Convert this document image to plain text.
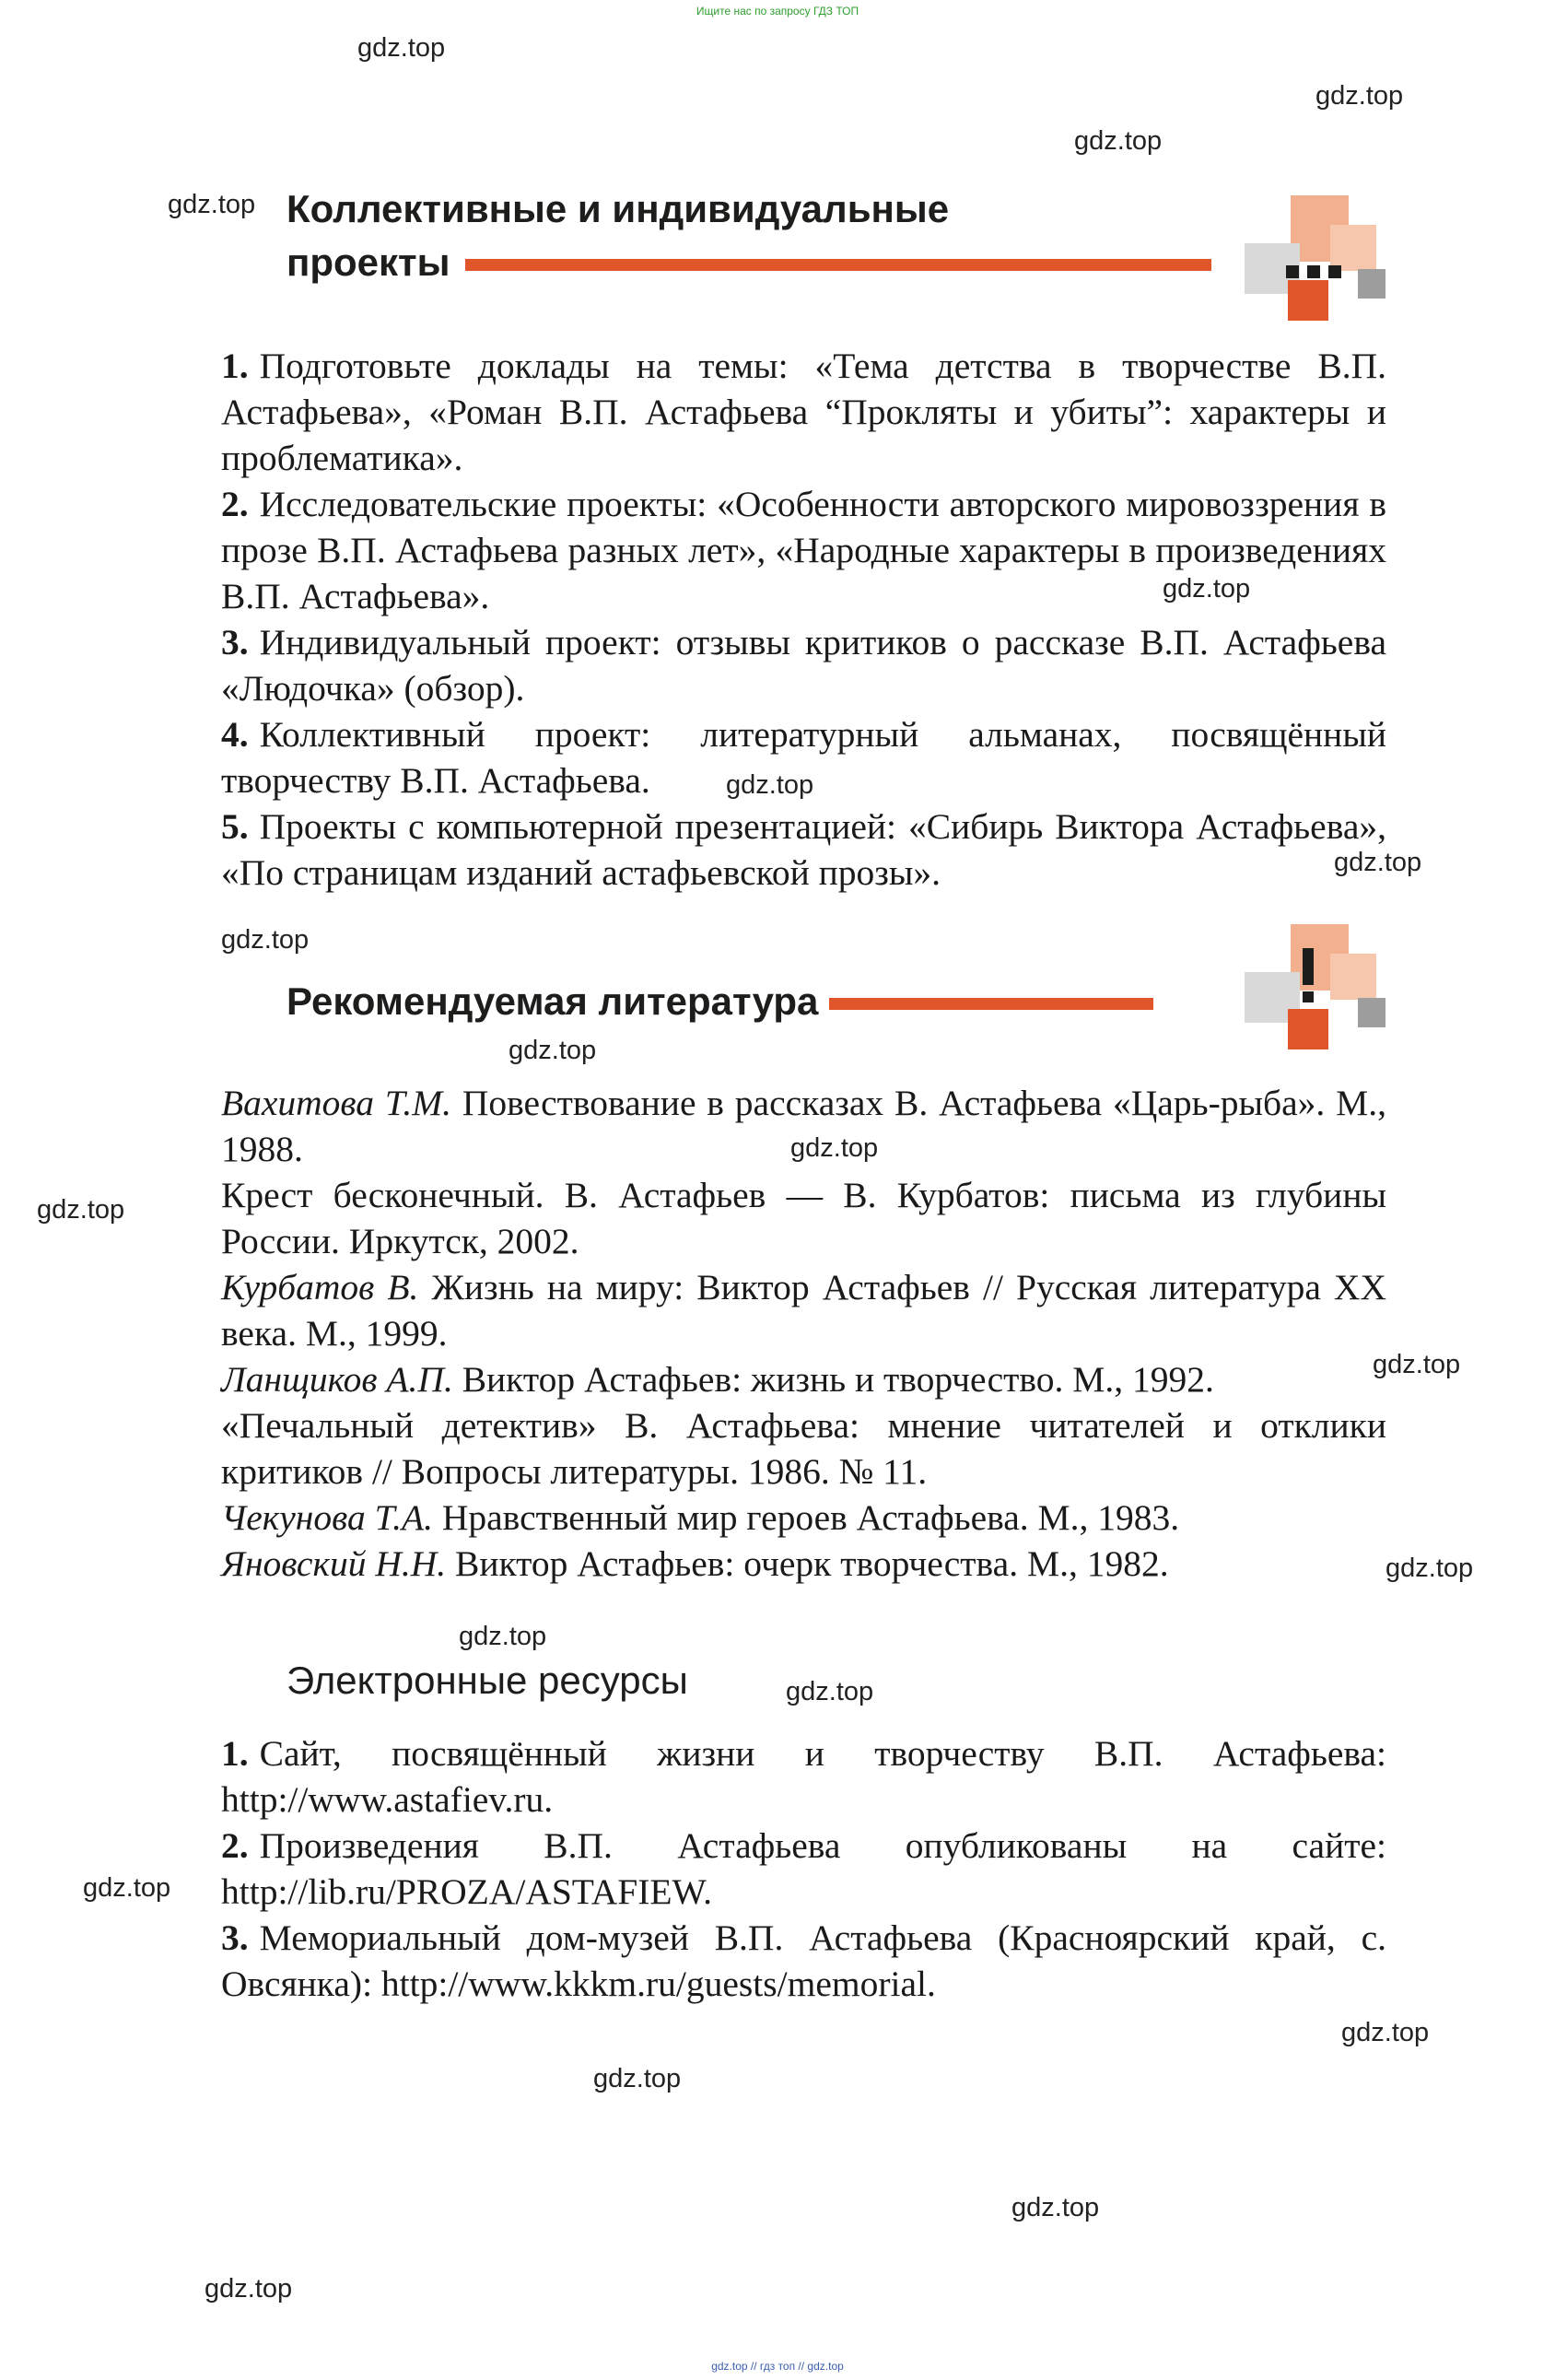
Ищите нас по запросу ГДЗ ТОП
gdz.top // гдз топ // gdz.top
gdz.top
gdz.top
gdz.top
gdz.top
gdz.top
gdz.top
gdz.top
gdz.top
gdz.top
gdz.top
gdz.top
gdz.top
gdz.top
gdz.top
gdz.top
gdz.top
gdz.top
gdz.top
gdz.top
gdz.top
Коллективные и индивидуальные
проекты

1. Подготовьте доклады на темы: «Тема детства в творчестве В.П. Астафьева», «Роман В.П. Астафьева “Прокляты и убиты”: характеры и проблематика».

2. Исследовательские проекты: «Особенности авторского мировоззрения в прозе В.П. Астафьева разных лет», «Народные характеры в произведениях В.П. Астафьева».

3. Индивидуальный проект: отзывы критиков о рассказе В.П. Астафьева «Людочка» (обзор).

4. Коллективный проект: литературный альманах, посвящённый творчеству В.П. Астафьева.

5. Проекты с компьютерной презентацией: «Сибирь Виктора Астафьева», «По страницам изданий астафьевской прозы».

Рекомендуемая литература

Вахитова Т.М. Повествование в рассказах В. Астафьева «Царь-рыба». М., 1988.

Крест бесконечный. В. Астафьев — В. Курбатов: письма из глубины России. Иркутск, 2002.

Курбатов В. Жизнь на миру: Виктор Астафьев // Русская литература XX века. М., 1999.

Ланщиков А.П. Виктор Астафьев: жизнь и творчество. М., 1992.

«Печальный детектив» В. Астафьева: мнение читателей и отклики критиков // Вопросы литературы. 1986. № 11.

Чекунова Т.А. Нравственный мир героев Астафьева. М., 1983.

Яновский Н.Н. Виктор Астафьев: очерк творчества. М., 1982.

Электронные ресурсы

1. Сайт, посвящённый жизни и творчеству В.П. Астафьева: http://www.astafiev.ru.

2. Произведения В.П. Астафьева опубликованы на сайте: http://lib.ru/PROZA/ASTAFIEW.

3. Мемориальный дом-музей В.П. Астафьева (Красноярский край, с. Овсянка): http://www.kkkm.ru/guests/memorial.
